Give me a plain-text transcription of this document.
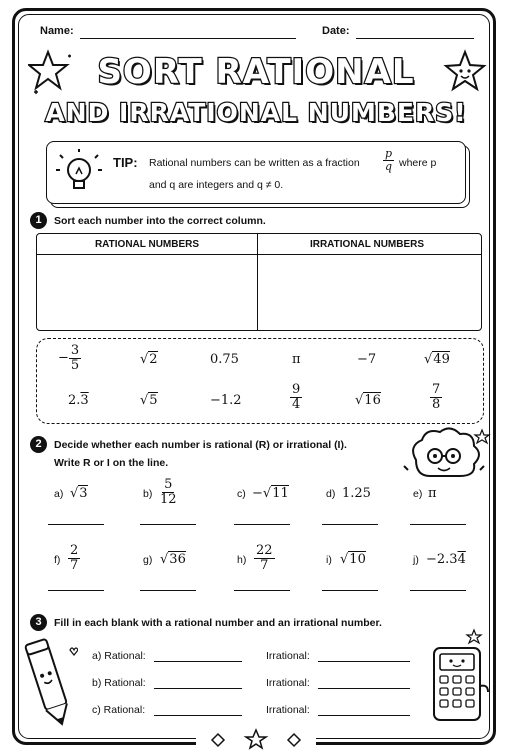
Name:	Date:
SORT RATIONAL
AND IRRATIONAL NUMBERS!
TIP: Rational numbers can be written as a fraction $\frac{p}{q}$ where p
and q are integers and q ≠ 0.
1	Sort each number into the correct column.
RATIONAL NUMBERS	IRRATIONAL NUMBERS
− $\frac{3}{5}$	√2	0.75	π	−7	√49
2.3	√5	−1.2	$\frac{9}{4}$	√16	$\frac{7}{8}$
2	Decide whether each number is rational (R) or irrational (I).
Write R or I on the line.
a) √3	$b) \frac{5}{12}$	c) −√11	d) 1.25	e) π
$f) \frac{2}{7}$	g) √36	$h) \frac{22}{7}$	i) √10	j) −2.34
3	Fill in each blank with a rational number and an irrational number.
a) Rational:	Irrational:
b) Rational:	Irrational:
c) Rational:	Irrational:
